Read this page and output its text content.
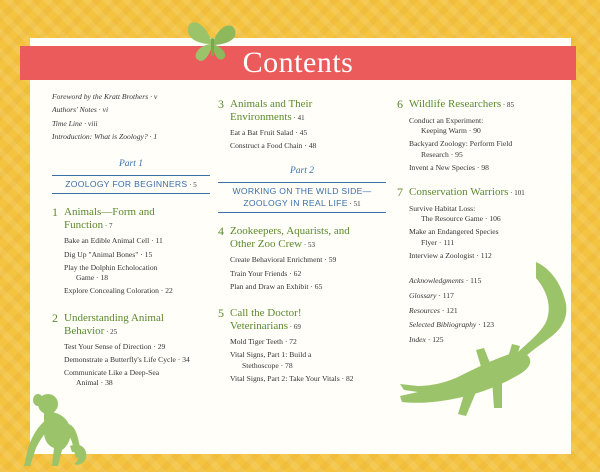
Contents
Foreword by the Kratt Brothers · v
Authors' Notes · vi
Time Line · viii
Introduction: What is Zoology? · 1
Part 1
ZOOLOGY FOR BEGINNERS · 5
1 Animals—Form and
Function · 7
Bake an Edible Animal Cell · 11
Dig Up "Animal Bones" · 15
Play the Dolphin Echolocation
Game · 18
Explore Concealing Coloration · 22
2 Understanding Animal
Behavior · 25
Test Your Sense of Direction · 29
Demonstrate a Butterfly's Life Cycle · 34
Communicate Like a Deep-Sea
Animal · 38
3 Animals and Their
Environments · 41
Eat a Bat Fruit Salad · 45
Construct a Food Chain · 48
Part 2
WORKING ON THE WILD SIDE—
ZOOLOGY IN REAL LIFE · 51
4 Zookeepers, Aquarists, and
Other Zoo Crew · 53
Create Behavioral Enrichment · 59
Train Your Friends · 62
Plan and Draw an Exhibit · 65
5 Call the Doctor!
Veterinarians · 69
Mold Tiger Teeth · 72
Vital Signs, Part 1: Build a
Stethoscope · 78
Vital Signs, Part 2: Take Your Vitals · 82
6 Wildlife Researchers · 85
Conduct an Experiment:
Keeping Warm · 90
Backyard Zoology: Perform Field
Research · 95
Invent a New Species · 98
7 Conservation Warriors · 101
Survive Habitat Loss:
The Resource Game · 106
Make an Endangered Species
Flyer · 111
Interview a Zoologist · 112
Acknowledgments · 115
Glossary · 117
Resources · 121
Selected Bibliography · 123
Index · 125
